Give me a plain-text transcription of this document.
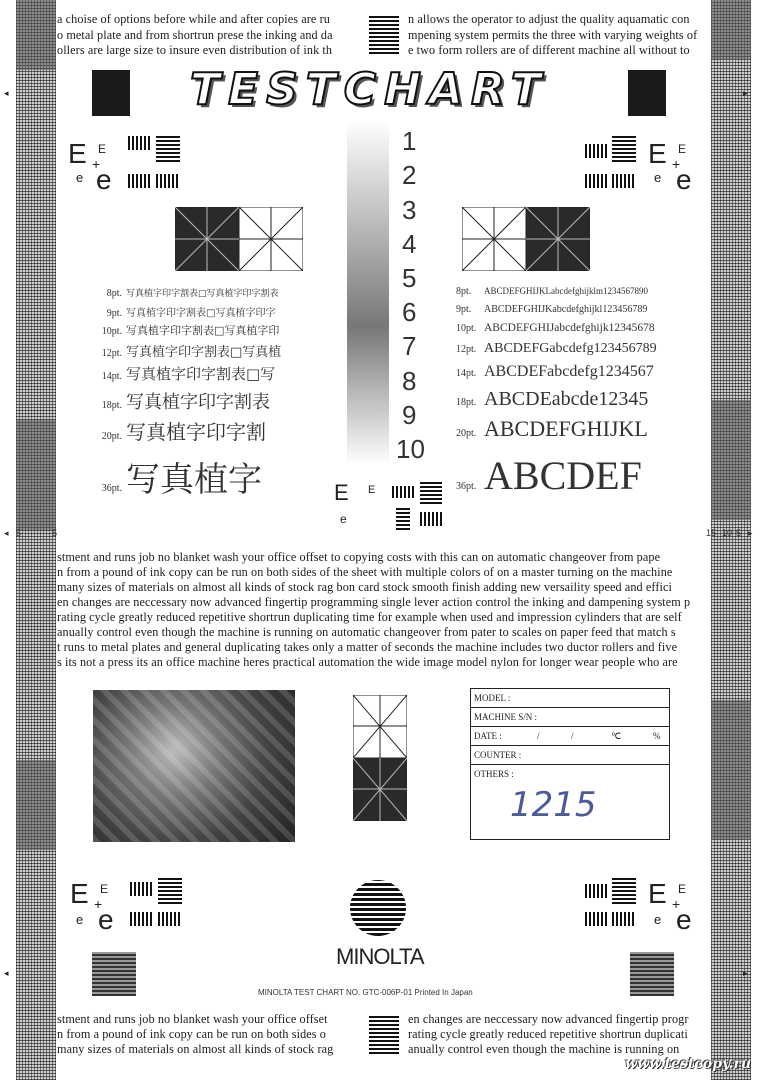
a choise of options before while and after copies are ru
o metal plate and from shortrun prese the inking and da
ollers are large size to insure even distribution of ink th
n allows the operator to adjust the quality aquamatic con
mpening system permits the three with varying weights of
e two form rollers are of different machine all without to
TESTCHART
1
2
3
4
5
6
7
8
9
10
E E
+
e e
E E
+
e e
8pt. 写真植字印字割表□写真植字印字割表
9pt. 写真植字印字割表□写真植字印字
10pt. 写真植字印字割表□写真植字印
12pt. 写真植字印字割表□写真植
14pt. 写真植字印字割表□写
18pt. 写真植字印字割表
20pt. 写真植字印字割
36pt. 写真植字
8pt. ABCDEFGHIJKLabcdefghijklm1234567890
9pt. ABCDEFGHIJKabcdefghijkl123456789
10pt. ABCDEFGHIJabcdefghijk12345678
12pt. ABCDEFGabcdefg123456789
14pt. ABCDEFabcdefg1234567
18pt. ABCDEabcde12345
20pt. ABCDEFGHIJKL
36pt. ABCDEF
E E
e
◂ 5	5	15 10 5 ▸
◂	▸
◂	▸
stment and runs job no blanket wash your office offset to copying costs with this can on automatic changeover from pape
n from a pound of ink copy can be run on both sides of the sheet with multiple colors of on a master turning on the machine
many sizes of materials on almost all kinds of stock rag bon card stock smooth finish adding new versaility speed and effici
en changes are neccessary now advanced fingertip programming single lever action control the inking and dampening system p
rating cycle greatly reduced repetitive shortrun duplicating time for example when used and impression cylinders that are self
anually control even though the machine is running on automatic changeover from pater to scales on paper feed that match s
t runs to metal plates and general duplicating takes only a matter of seconds the machine includes two ductor rollers and five
s its not a press its an office machine heres practical automation the wide image model nylon for longer wear people who are
MODEL :
MACHINE S/N :
DATE :	/	/	℃	%
COUNTER :
OTHERS :
1215
E E
+
e e
E E
+
e e
MINOLTA
MINOLTA TEST CHART NO. GTC-006P-01 Printed In Japan
stment and runs job no blanket wash your office offset
n from a pound of ink copy can be run on both sides o
many sizes of materials on almost all kinds of stock rag
en changes are neccessary now advanced fingertip progr
rating cycle greatly reduced repetitive shortrun duplicati
anually control even though the machine is running on
www.testcopy.ru
